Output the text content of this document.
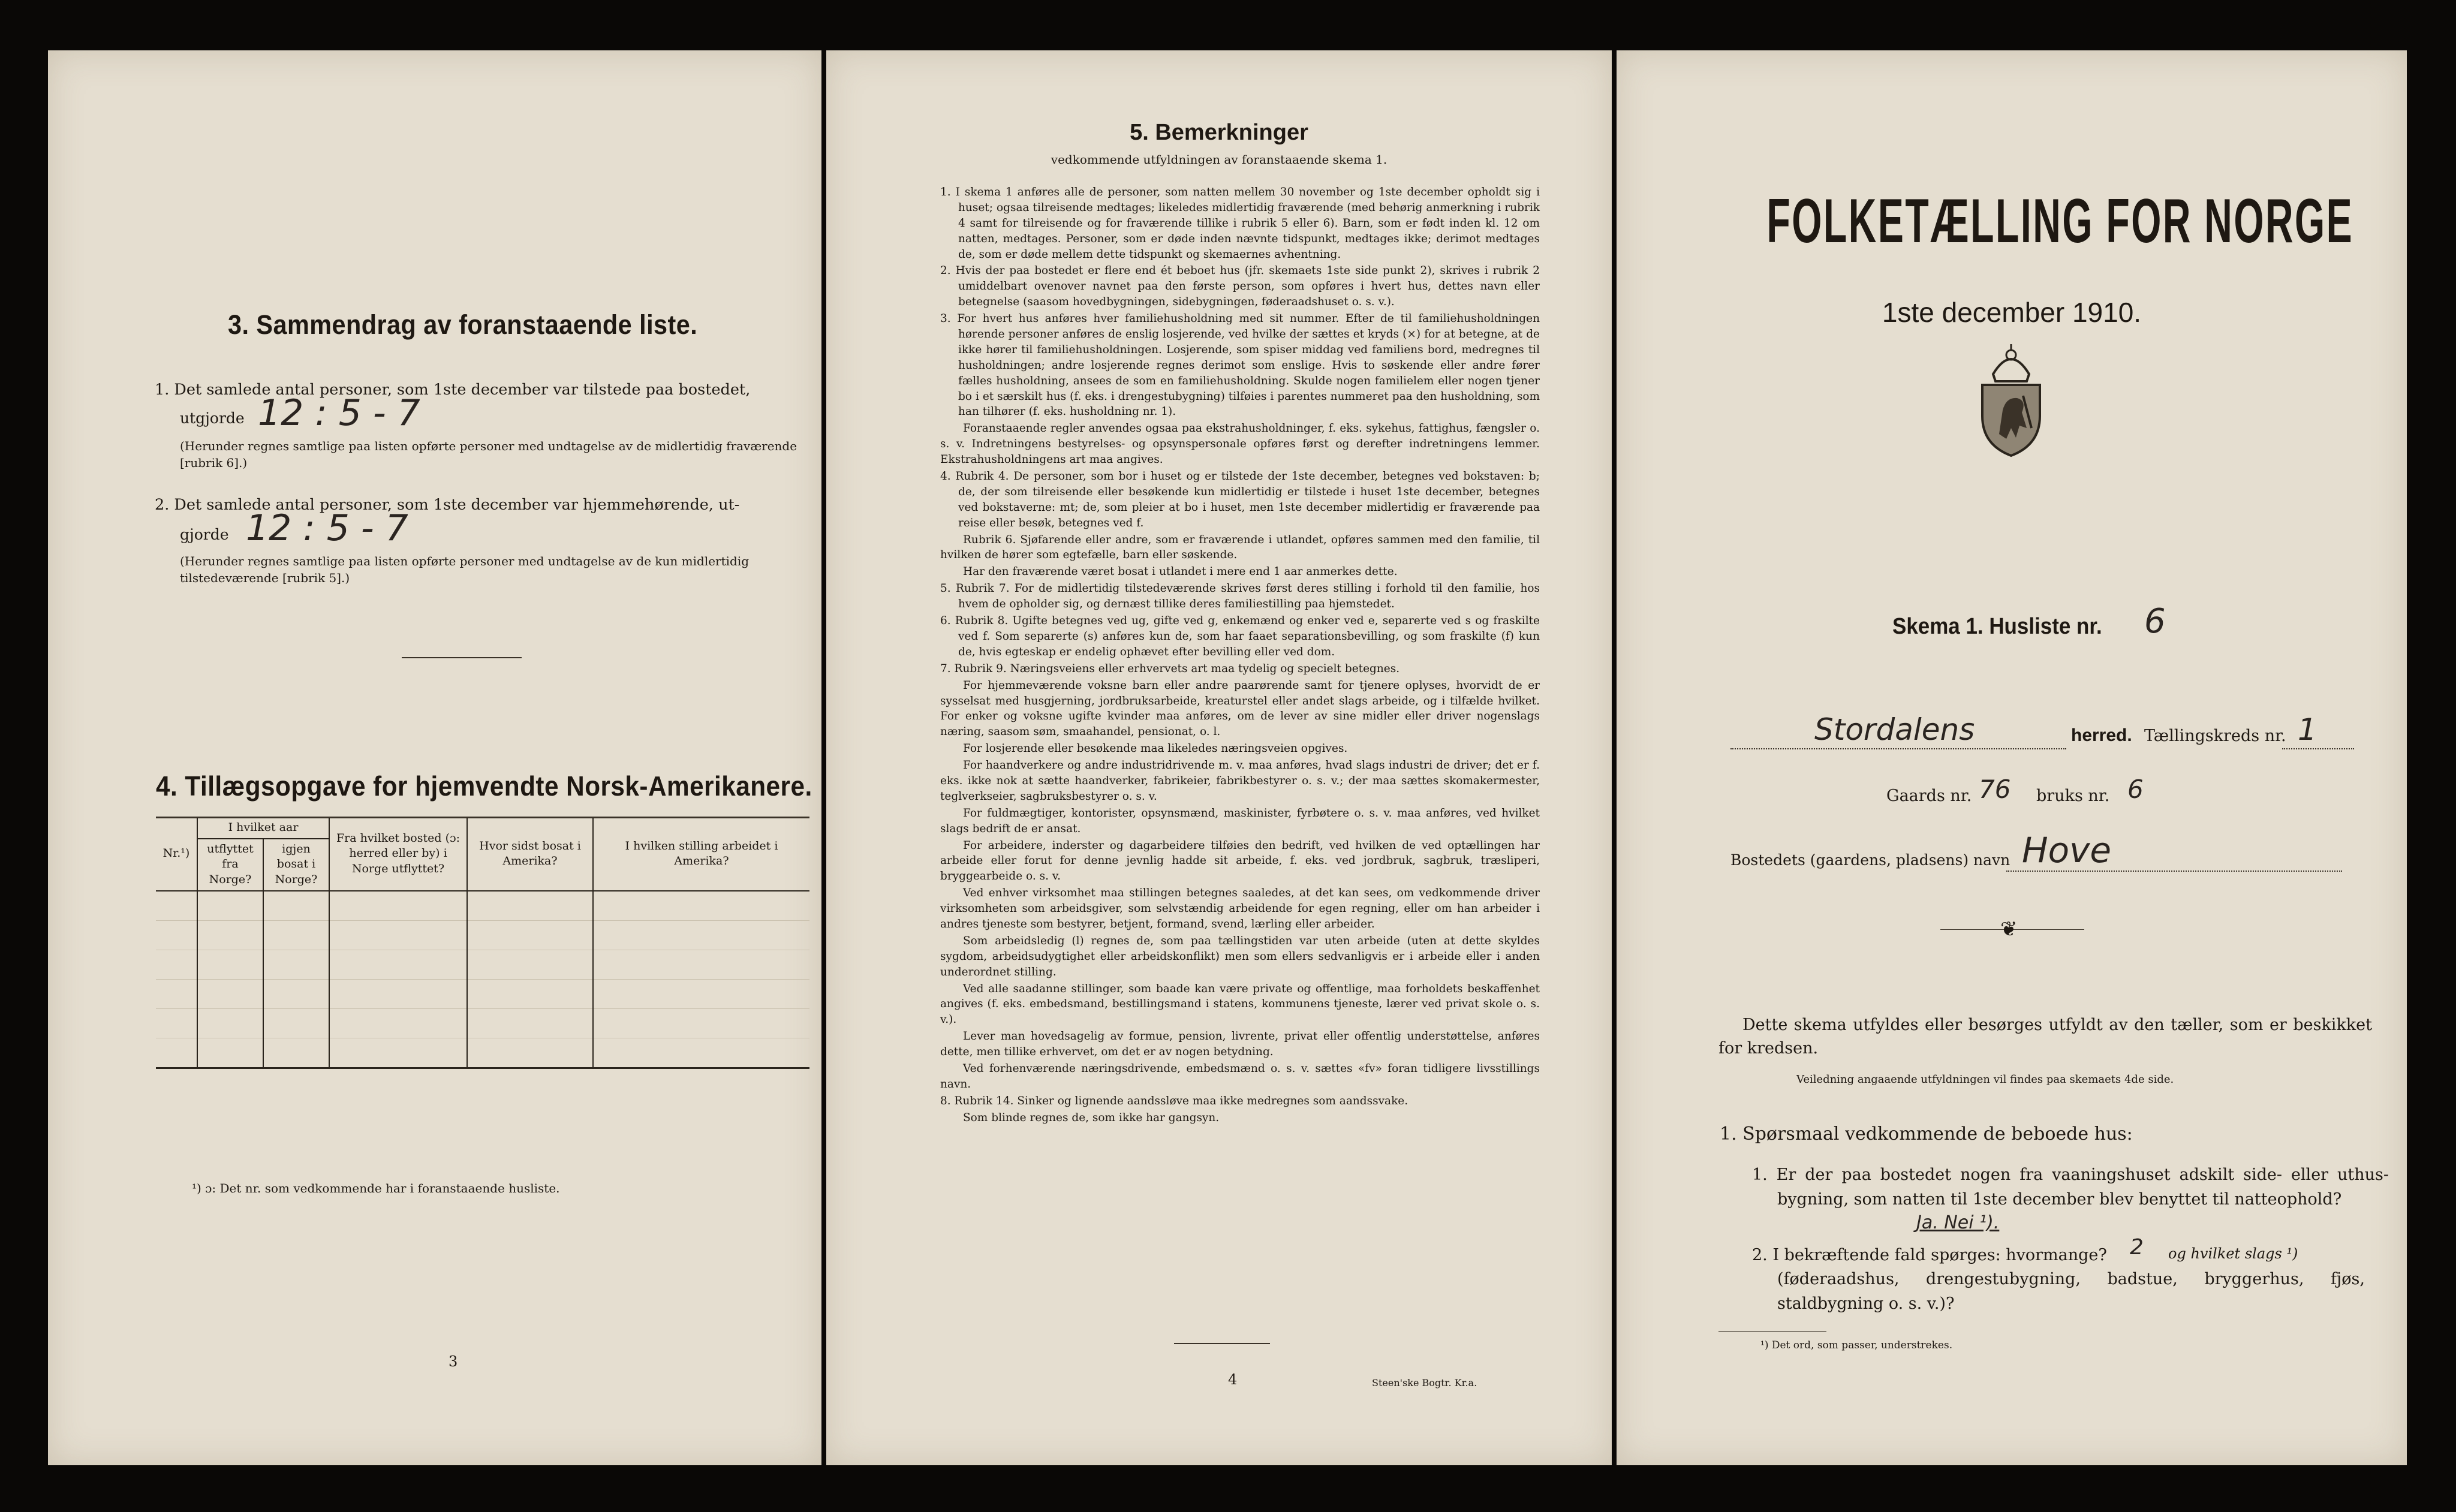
3. Sammendrag av foranstaaende liste.
1. Det samlede antal personer, som 1ste december var tilstede paa bostedet,
utgjorde 12 : 5 - 7
(Herunder regnes samtlige paa listen opførte personer med undtagelse av de midlertidig fraværende [rubrik 6].)
2. Det samlede antal personer, som 1ste december var hjemmehørende, ut-
gjorde 12 : 5 - 7
(Herunder regnes samtlige paa listen opførte personer med undtagelse av de kun midlertidig tilstedeværende [rubrik 5].)
4. Tillægsopgave for hjemvendte Norsk-Amerikanere.
Nr.¹)	I hvilket aar		Fra hvilket bosted (ɔ: herred eller by) i Norge utflyttet?	Hvor sidst bosat i Amerika?	I hvilken stilling arbeidet i Amerika?
	utflyttet fra Norge?	igjen bosat i Norge?			

¹) ɔ: Det nr. som vedkommende har i foranstaaende husliste.
3
5. Bemerkninger
vedkommende utfyldningen av foranstaaende skema 1.

1. I skema 1 anføres alle de personer, som natten mellem 30 november og 1ste december opholdt sig i huset; ogsaa tilreisende medtages; likeledes midlertidig fraværende (med behørig anmerkning i rubrik 4 samt for tilreisende og for fraværende tillike i rubrik 5 eller 6). Barn, som er født inden kl. 12 om natten, medtages. Personer, som er døde inden nævnte tidspunkt, medtages ikke; derimot medtages de, som er døde mellem dette tidspunkt og skemaernes avhentning.

2. Hvis der paa bostedet er flere end ét beboet hus (jfr. skemaets 1ste side punkt 2), skrives i rubrik 2 umiddelbart ovenover navnet paa den første person, som opføres i hvert hus, dettes navn eller betegnelse (saasom hovedbygningen, sidebygningen, føderaadshuset o. s. v.).

3. For hvert hus anføres hver familiehusholdning med sit nummer. Efter de til familiehusholdningen hørende personer anføres de enslig losjerende, ved hvilke der sættes et kryds (×) for at betegne, at de ikke hører til familiehusholdningen. Losjerende, som spiser middag ved familiens bord, medregnes til husholdningen; andre losjerende regnes derimot som enslige. Hvis to søskende eller andre fører fælles husholdning, ansees de som en familiehusholdning. Skulde nogen familielem eller nogen tjener bo i et særskilt hus (f. eks. i drengestubygning) tilføies i parentes nummeret paa den husholdning, som han tilhører (f. eks. husholdning nr. 1).

Foranstaaende regler anvendes ogsaa paa ekstrahusholdninger, f. eks. sykehus, fattighus, fængsler o. s. v. Indretningens bestyrelses- og opsynspersonale opføres først og derefter indretningens lemmer. Ekstrahusholdningens art maa angives.

4. Rubrik 4. De personer, som bor i huset og er tilstede der 1ste december, betegnes ved bokstaven: b; de, der som tilreisende eller besøkende kun midlertidig er tilstede i huset 1ste december, betegnes ved bokstaverne: mt; de, som pleier at bo i huset, men 1ste december midlertidig er fraværende paa reise eller besøk, betegnes ved f.

Rubrik 6. Sjøfarende eller andre, som er fraværende i utlandet, opføres sammen med den familie, til hvilken de hører som egtefælle, barn eller søskende.

Har den fraværende været bosat i utlandet i mere end 1 aar anmerkes dette.

5. Rubrik 7. For de midlertidig tilstedeværende skrives først deres stilling i forhold til den familie, hos hvem de opholder sig, og dernæst tillike deres familiestilling paa hjemstedet.

6. Rubrik 8. Ugifte betegnes ved ug, gifte ved g, enkemænd og enker ved e, separerte ved s og fraskilte ved f. Som separerte (s) anføres kun de, som har faaet separationsbevilling, og som fraskilte (f) kun de, hvis egteskap er endelig ophævet efter bevilling eller ved dom.

7. Rubrik 9. Næringsveiens eller erhvervets art maa tydelig og specielt betegnes.

For hjemmeværende voksne barn eller andre paarørende samt for tjenere oplyses, hvorvidt de er sysselsat med husgjerning, jordbruksarbeide, kreaturstel eller andet slags arbeide, og i tilfælde hvilket. For enker og voksne ugifte kvinder maa anføres, om de lever av sine midler eller driver nogenslags næring, saasom søm, smaahandel, pensionat, o. l.

For losjerende eller besøkende maa likeledes næringsveien opgives.

For haandverkere og andre industridrivende m. v. maa anføres, hvad slags industri de driver; det er f. eks. ikke nok at sætte haandverker, fabrikeier, fabrikbestyrer o. s. v.; der maa sættes skomakermester, teglverkseier, sagbruksbestyrer o. s. v.

For fuldmægtiger, kontorister, opsynsmænd, maskinister, fyrbøtere o. s. v. maa anføres, ved hvilket slags bedrift de er ansat.

For arbeidere, inderster og dagarbeidere tilføies den bedrift, ved hvilken de ved optællingen har arbeide eller forut for denne jevnlig hadde sit arbeide, f. eks. ved jordbruk, sagbruk, træsliperi, bryggearbeide o. s. v.

Ved enhver virksomhet maa stillingen betegnes saaledes, at det kan sees, om vedkommende driver virksomheten som arbeidsgiver, som selvstændig arbeidende for egen regning, eller om han arbeider i andres tjeneste som bestyrer, betjent, formand, svend, lærling eller arbeider.

Som arbeidsledig (l) regnes de, som paa tællingstiden var uten arbeide (uten at dette skyldes sygdom, arbeidsudygtighet eller arbeidskonflikt) men som ellers sedvanligvis er i arbeide eller i anden underordnet stilling.

Ved alle saadanne stillinger, som baade kan være private og offentlige, maa forholdets beskaffenhet angives (f. eks. embedsmand, bestillingsmand i statens, kommunens tjeneste, lærer ved privat skole o. s. v.).

Lever man hovedsagelig av formue, pension, livrente, privat eller offentlig understøttelse, anføres dette, men tillike erhvervet, om det er av nogen betydning.

Ved forhenværende næringsdrivende, embedsmænd o. s. v. sættes «fv» foran tidligere livsstillings navn.

8. Rubrik 14. Sinker og lignende aandssløve maa ikke medregnes som aandssvake.

Som blinde regnes de, som ikke har gangsyn.

4	Steen'ske Bogtr. Kr.a.
FOLKETÆLLING FOR NORGE
1ste december 1910.
Skema 1. Husliste nr. 6
Stordalens	herred. Tællingskreds nr. 1
Gaards nr. 76 bruks nr. 6
Bostedets (gaardens, pladsens) navn Hove
❦
Dette skema utfyldes eller besørges utfyldt av den tæller, som er beskikket for kredsen.
Veiledning angaaende utfyldningen vil findes paa skemaets 4de side.
1. Spørsmaal vedkommende de beboede hus:
1. Er der paa bostedet nogen fra vaaningshuset adskilt side- eller uthus-bygning, som natten til 1ste december blev benyttet til natteophold?
Ja. Nei ¹).
2. I bekræftende fald spørges: hvormange? 2 og hvilket slags ¹)
(føderaadshus, drengestubygning, badstue, bryggerhus, fjøs, staldbygning o. s. v.)?
¹) Det ord, som passer, understrekes.
